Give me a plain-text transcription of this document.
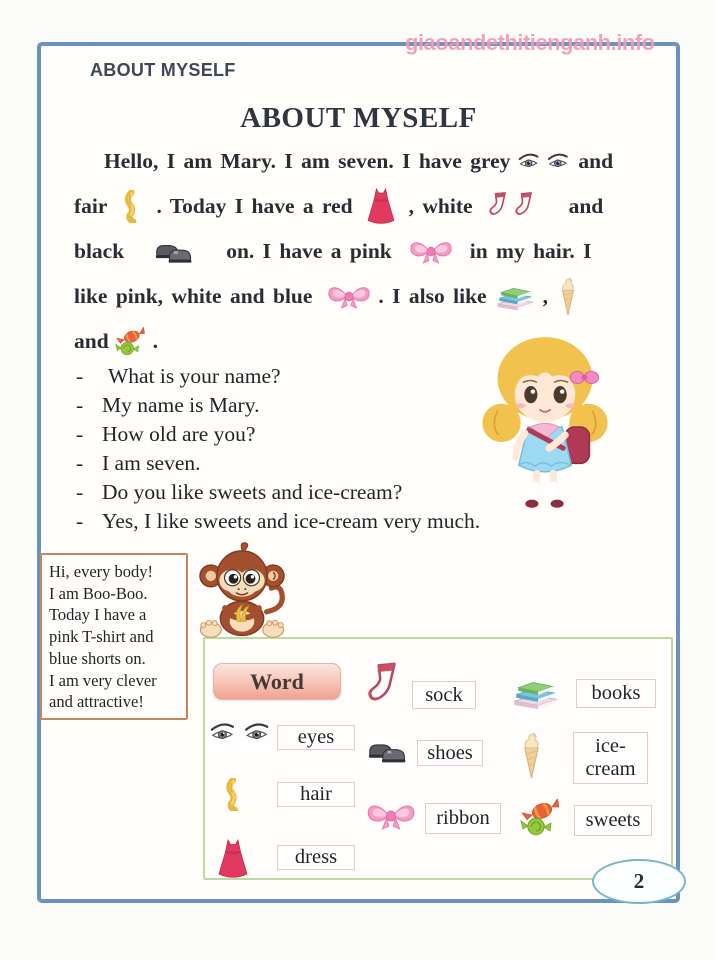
giaoandethitienganh.info
ABOUT MYSELF
ABOUT MYSELF
Hello, I am Mary. I am seven. I have grey	and
fair . Today I have a red	, white	and
black	on. I have a pink	in my hair. I
like pink, white and blue	. I also like	,
and .
-	What is your name?
- My name is Mary.
- How old are you?
- I am seven.
- Do you like sweets and ice-cream?
- Yes, I like sweets and ice-cream very much.
Hi, every body!
I am Boo-Boo.
Today I have a
pink T-shirt and
blue shorts on.
I am very clever
and attractive!
Word
sock	books
eyes
shoes	ice-cream
hair
ribbon	sweets
dress
2
